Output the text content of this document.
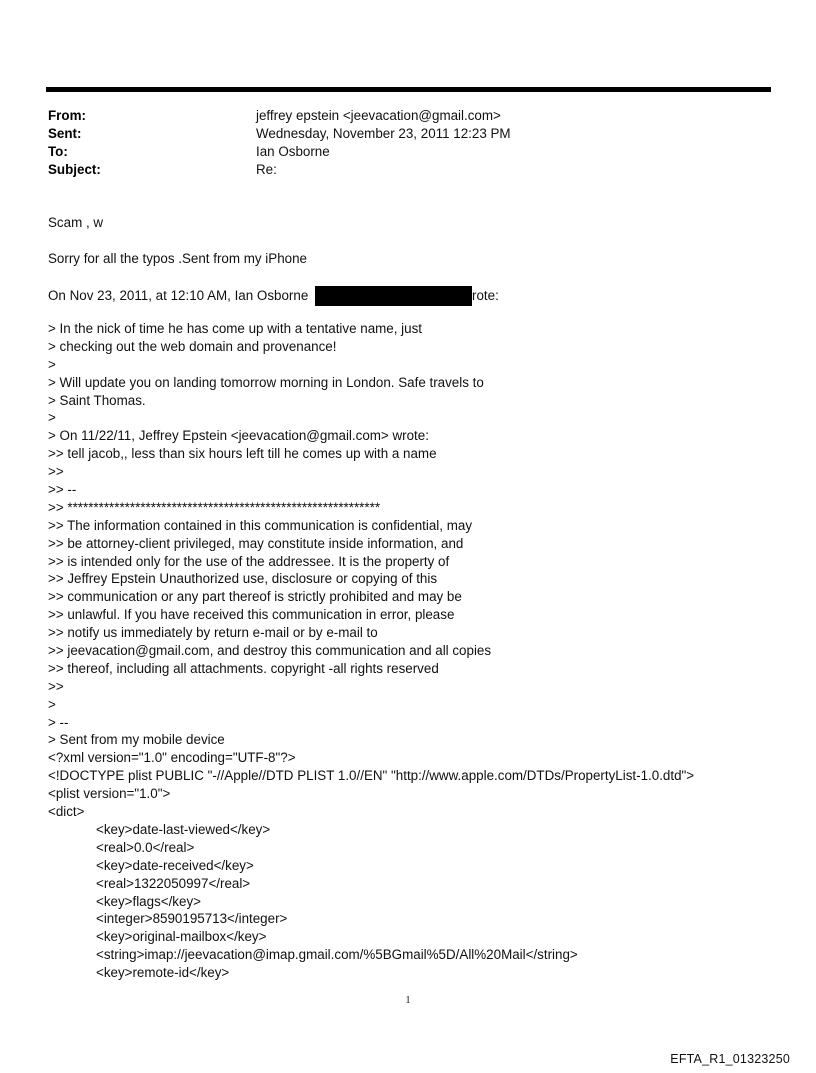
From:	jeffrey epstein <jeevacation@gmail.com>
Sent:	Wednesday, November 23, 2011 12:23 PM
To:	Ian Osborne
Subject:	Re:
Scam , w
Sorry for all the typos .Sent from my iPhone
On Nov 23, 2011, at 12:10 AM, Ian Osborne	rote:
> In the nick of time he has come up with a tentative name, just
> checking out the web domain and provenance!
>
> Will update you on landing tomorrow morning in London. Safe travels to
> Saint Thomas.
>
> On 11/22/11, Jeffrey Epstein <jeevacation@gmail.com> wrote:
>> tell jacob,, less than six hours left till he comes up with a name
>>
>> --
>> ************************************************************
>> The information contained in this communication is confidential, may
>> be attorney-client privileged, may constitute inside information, and
>> is intended only for the use of the addressee. It is the property of
>> Jeffrey Epstein Unauthorized use, disclosure or copying of this
>> communication or any part thereof is strictly prohibited and may be
>> unlawful. If you have received this communication in error, please
>> notify us immediately by return e-mail or by e-mail to
>> jeevacation@gmail.com, and destroy this communication and all copies
>> thereof, including all attachments. copyright -all rights reserved
>>
>
> --
> Sent from my mobile device
<?xml version="1.0" encoding="UTF-8"?>
<!DOCTYPE plist PUBLIC "-//Apple//DTD PLIST 1.0//EN" "http://www.apple.com/DTDs/PropertyList-1.0.dtd">
<plist version="1.0">
<dict>
<key>date-last-viewed</key>
<real>0.0</real>
<key>date-received</key>
<real>1322050997</real>
<key>flags</key>
<integer>8590195713</integer>
<key>original-mailbox</key>
<string>imap://jeevacation@imap.gmail.com/%5BGmail%5D/All%20Mail</string>
<key>remote-id</key>
1
EFTA_R1_01323250
